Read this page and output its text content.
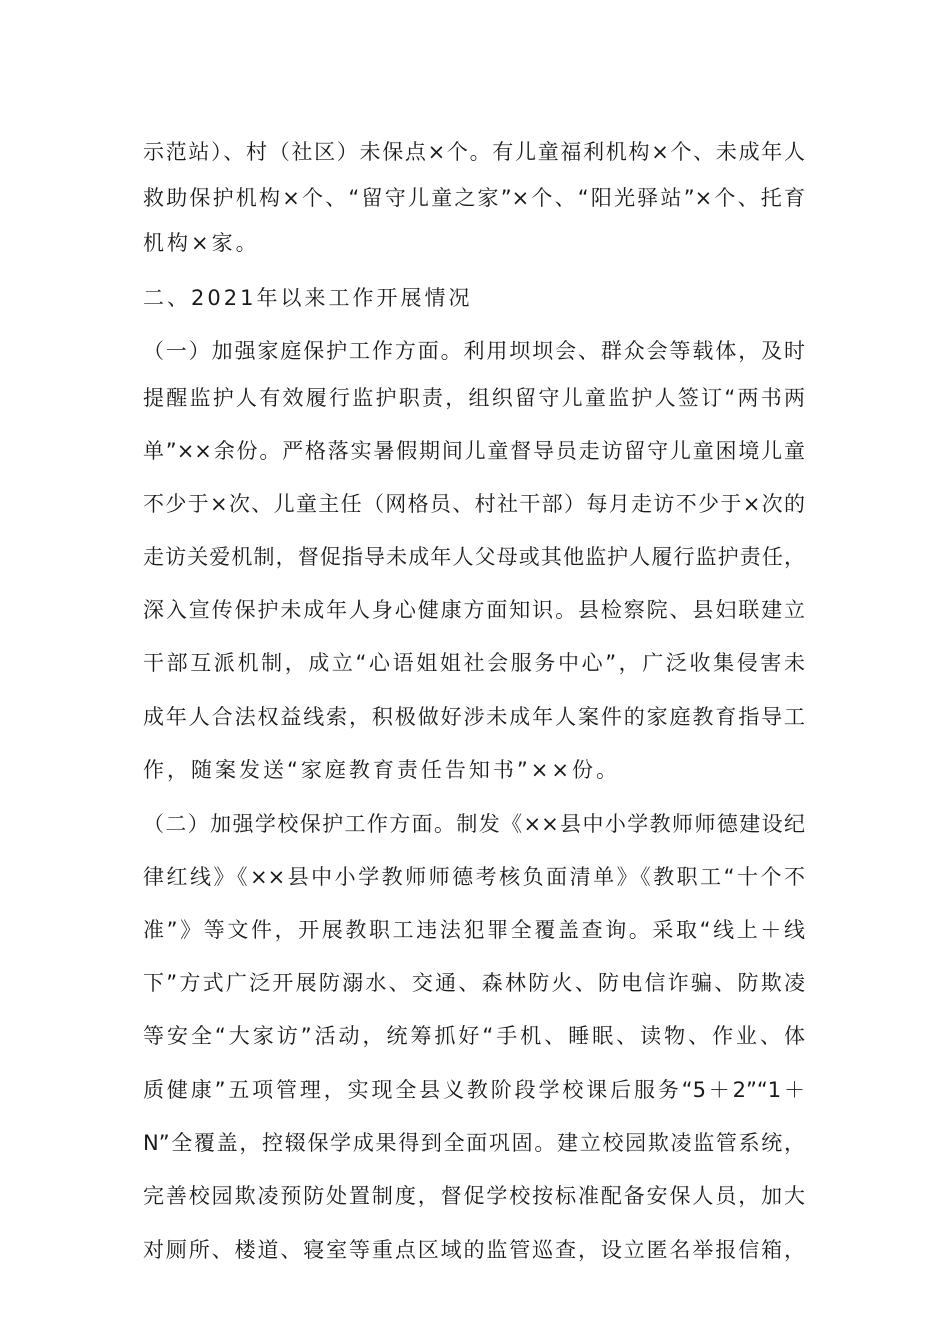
示范站）、村（社区）未保点×个。有儿童福利机构×个、未成年人
救助保护机构×个、“留守儿童之家”×个、“阳光驿站”×个、托育
机构×家。
二、2021年以来工作开展情况
（一）加强家庭保护工作方面。利用坝坝会、群众会等载体，及时
提醒监护人有效履行监护职责，组织留守儿童监护人签订“两书两
单”××余份。严格落实暑假期间儿童督导员走访留守儿童困境儿童
不少于×次、儿童主任（网格员、村社干部）每月走访不少于×次的
走访关爱机制，督促指导未成年人父母或其他监护人履行监护责任，
深入宣传保护未成年人身心健康方面知识。县检察院、县妇联建立
干部互派机制，成立“心语姐姐社会服务中心”，广泛收集侵害未
成年人合法权益线索，积极做好涉未成年人案件的家庭教育指导工
作，随案发送“家庭教育责任告知书”××份。
（二）加强学校保护工作方面。制发《××县中小学教师师德建设纪
律红线》《××县中小学教师师德考核负面清单》《教职工“十个不
准”》等文件，开展教职工违法犯罪全覆盖查询。采取“线上＋线
下”方式广泛开展防溺水、交通、森林防火、防电信诈骗、防欺凌
等安全“大家访”活动，统筹抓好“手机、睡眠、读物、作业、体
质健康”五项管理，实现全县义教阶段学校课后服务“5＋2”“1＋
N”全覆盖，控辍保学成果得到全面巩固。建立校园欺凌监管系统，
完善校园欺凌预防处置制度，督促学校按标准配备安保人员，加大
对厕所、楼道、寝室等重点区域的监管巡查，设立匿名举报信箱，
